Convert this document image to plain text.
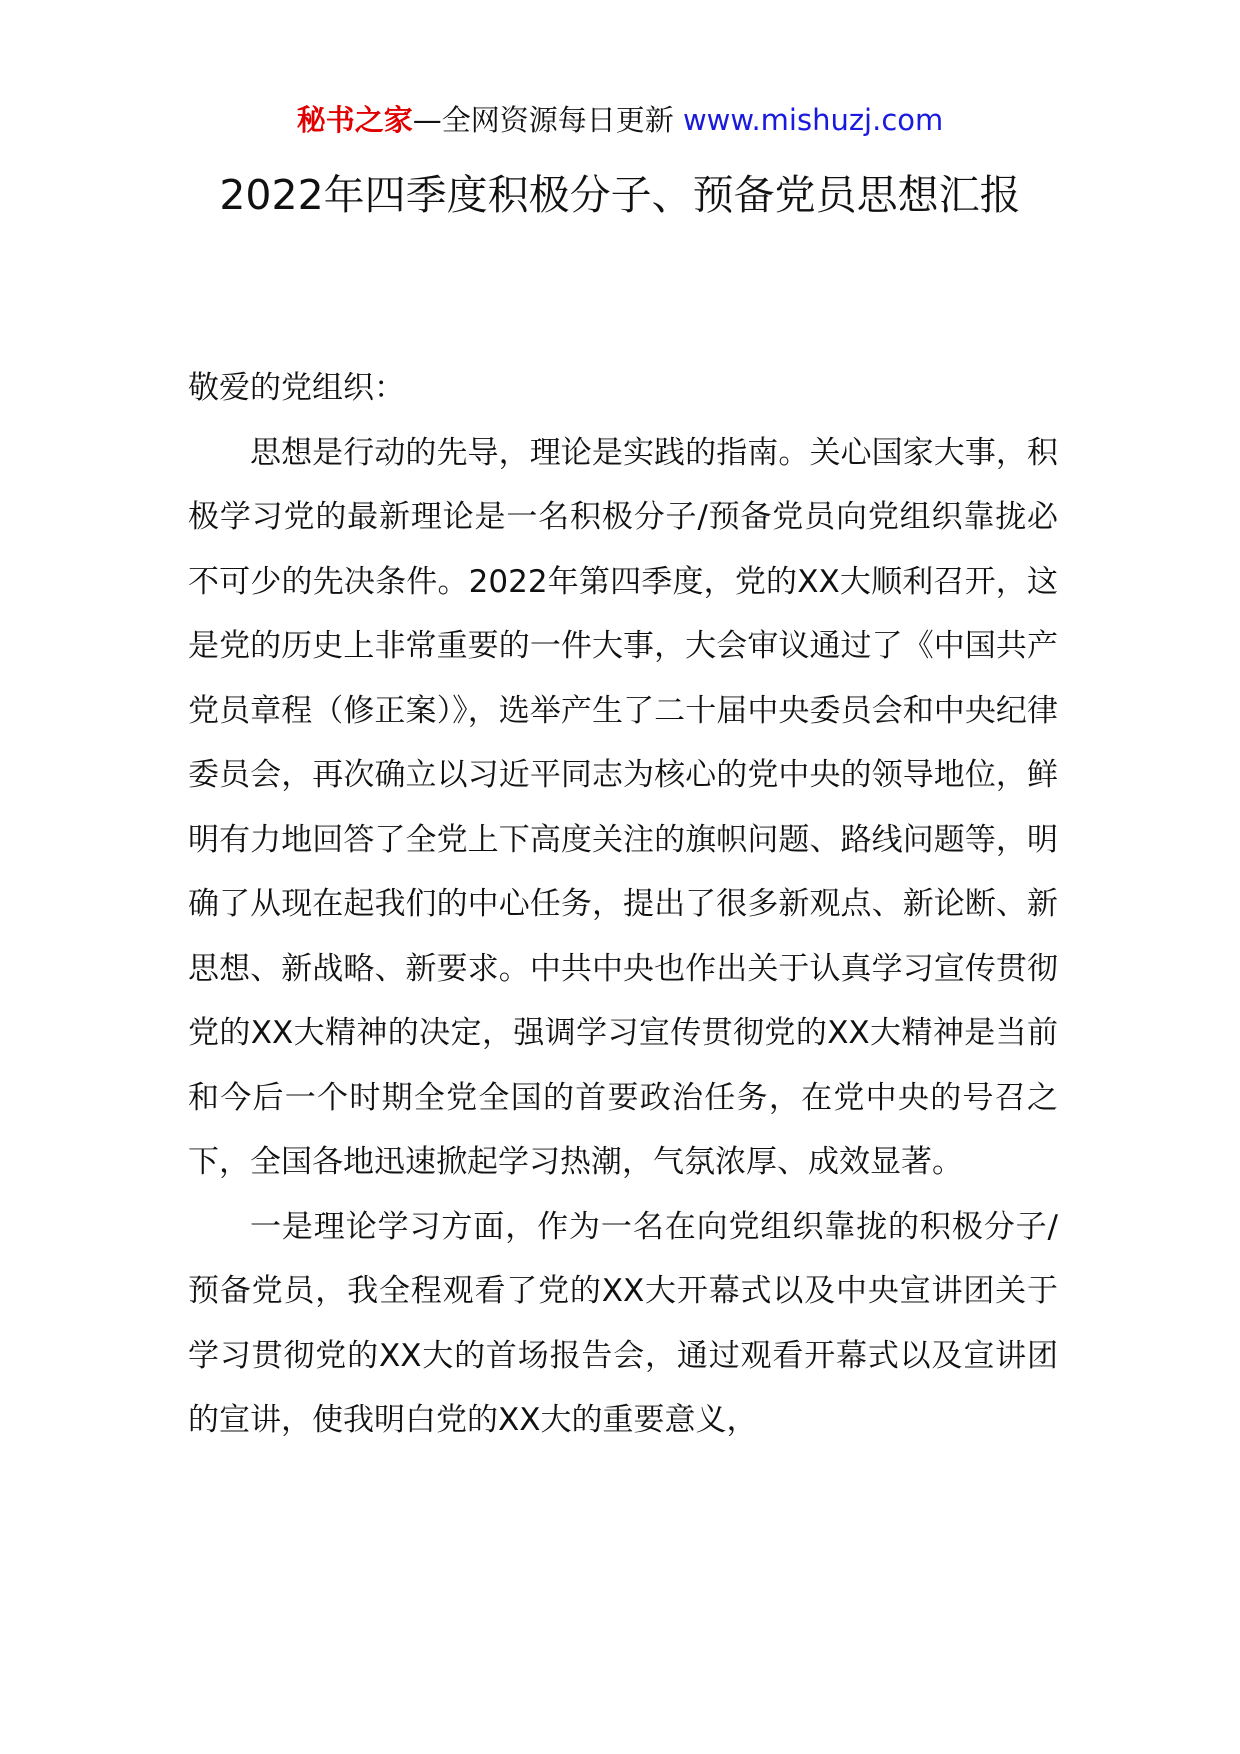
秘书之家—全网资源每日更新 www.mishuzj.com
2022年四季度积极分子、预备党员思想汇报

敬爱的党组织：

思想是行动的先导，理论是实践的指南。关心国家大事，积极学习党的最新理论是一名积极分子/预备党员向党组织靠拢必不可少的先决条件。2022年第四季度，党的XX大顺利召开，这是党的历史上非常重要的一件大事，大会审议通过了《中国共产党员章程（修正案）》，选举产生了二十届中央委员会和中央纪律委员会，再次确立以习近平同志为核心的党中央的领导地位，鲜明有力地回答了全党上下高度关注的旗帜问题、路线问题等，明确了从现在起我们的中心任务，提出了很多新观点、新论断、新思想、新战略、新要求。中共中央也作出关于认真学习宣传贯彻党的XX大精神的决定，强调学习宣传贯彻党的XX大精神是当前和今后一个时期全党全国的首要政治任务，在党中央的号召之下，全国各地迅速掀起学习热潮，气氛浓厚、成效显著。

一是理论学习方面，作为一名在向党组织靠拢的积极分子/预备党员，我全程观看了党的XX大开幕式以及中央宣讲团关于学习贯彻党的XX大的首场报告会，通过观看开幕式以及宣讲团的宣讲，使我明白党的XX大的重要意义，
